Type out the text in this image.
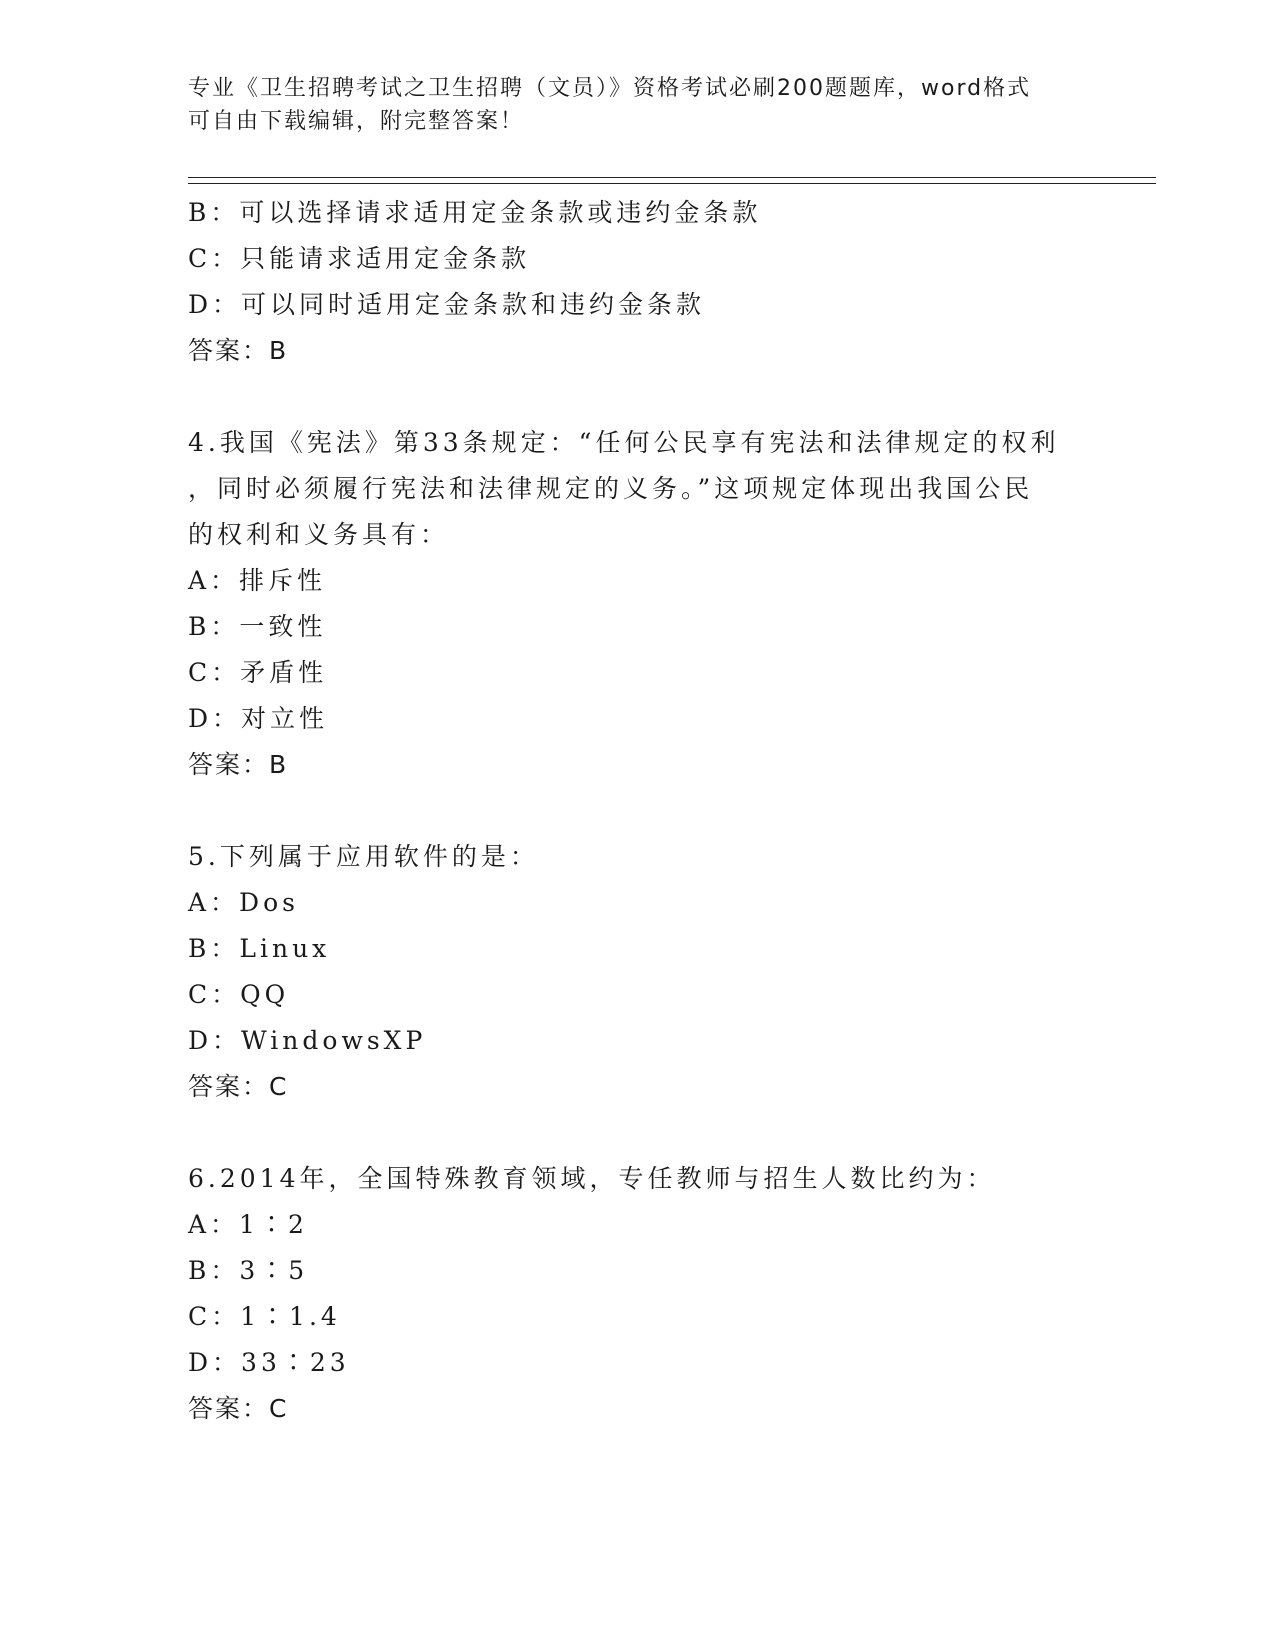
专业《卫生招聘考试之卫生招聘（文员）》资格考试必刷200题题库，word格式
可自由下载编辑，附完整答案！
B：可以选择请求适用定金条款或违约金条款
C：只能请求适用定金条款
D：可以同时适用定金条款和违约金条款
答案：B
4.我国《宪法》第33条规定：“任何公民享有宪法和法律规定的权利
，同时必须履行宪法和法律规定的义务。”这项规定体现出我国公民
的权利和义务具有：
A：排斥性
B：一致性
C：矛盾性
D：对立性
答案：B
5.下列属于应用软件的是：
A：Dos
B：Linux
C：QQ
D：WindowsXP
答案：C
6.2014年，全国特殊教育领域，专任教师与招生人数比约为：
A：1∶2
B：3∶5
C：1∶1.4
D：33∶23
答案：C
